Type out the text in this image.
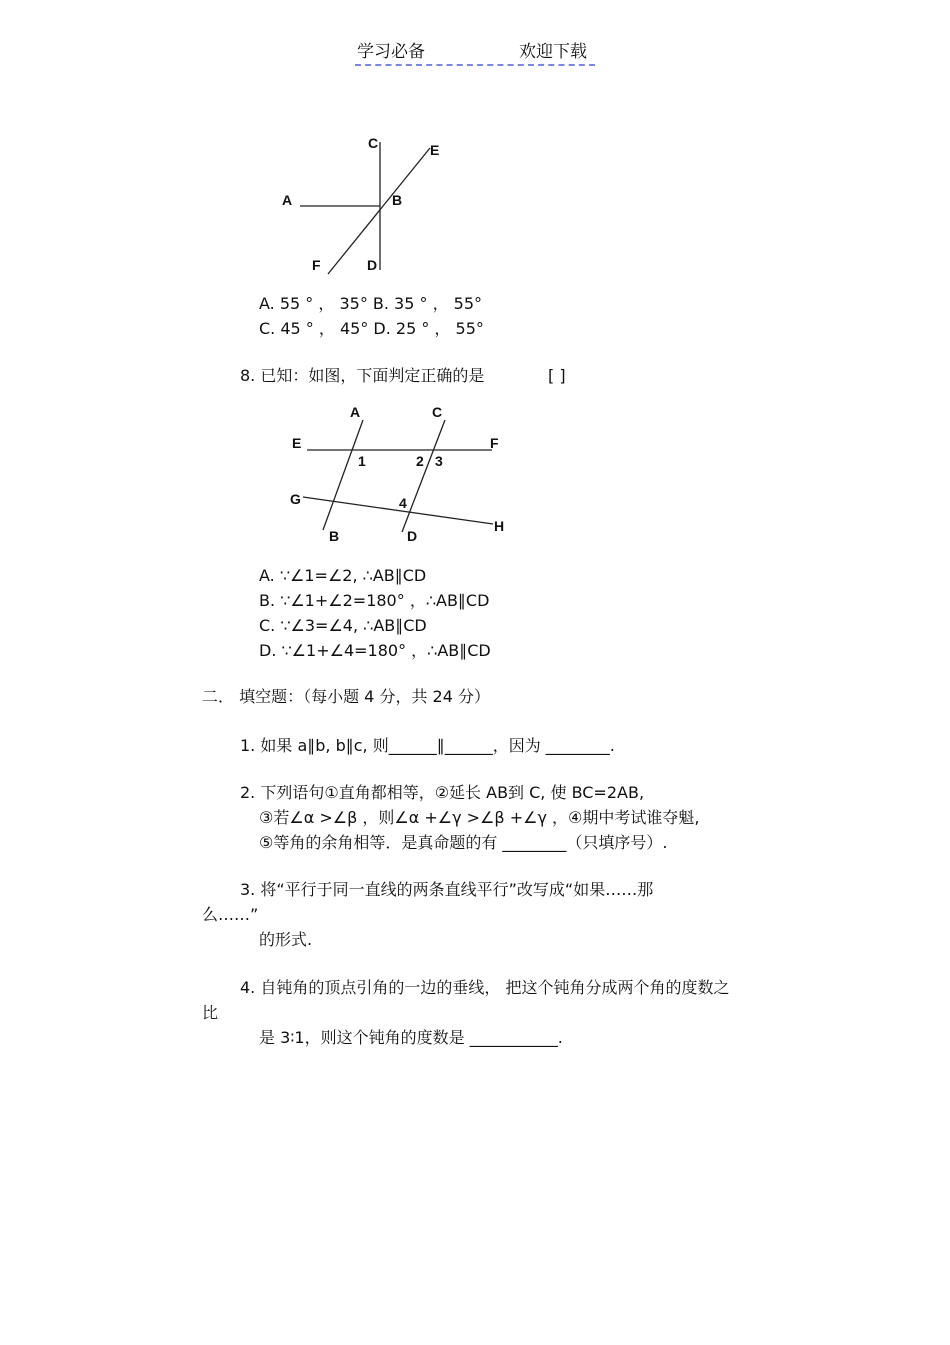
学习必备	欢迎下载
C	E
A	B
F	D
A. 55 ° ， 35° B. 35 ° ， 55°
C. 45 ° ， 45° D. 25 ° ， 55°
8. 已知：如图，下面判定正确的是	[ ]
A	C
E	F
1	2 3
G	4
H
B	D
A. ∵∠1=∠2, ∴AB∥CD
B. ∵∠1+∠2=180° ，∴AB∥CD
C. ∵∠3=∠4, ∴AB∥CD
D. ∵∠1+∠4=180° ，∴AB∥CD
二． 填空题：（每小题 4 分，共 24 分）
1. 如果 a∥b, b∥c, 则______∥______，因为 ________.
2. 下列语句①直角都相等，②延长 AB到 C, 使 BC=2AB,
③若∠α >∠β ，则∠α +∠γ >∠β +∠γ ，④期中考试谁夺魁,
⑤等角的余角相等．是真命题的有 ________（只填序号）.
3. 将“平行于同一直线的两条直线平行”改写成“如果……那
么……”
的形式.
4. 自钝角的顶点引角的一边的垂线， 把这个钝角分成两个角的度数之
比
是 3∶1，则这个钝角的度数是 ___________.
